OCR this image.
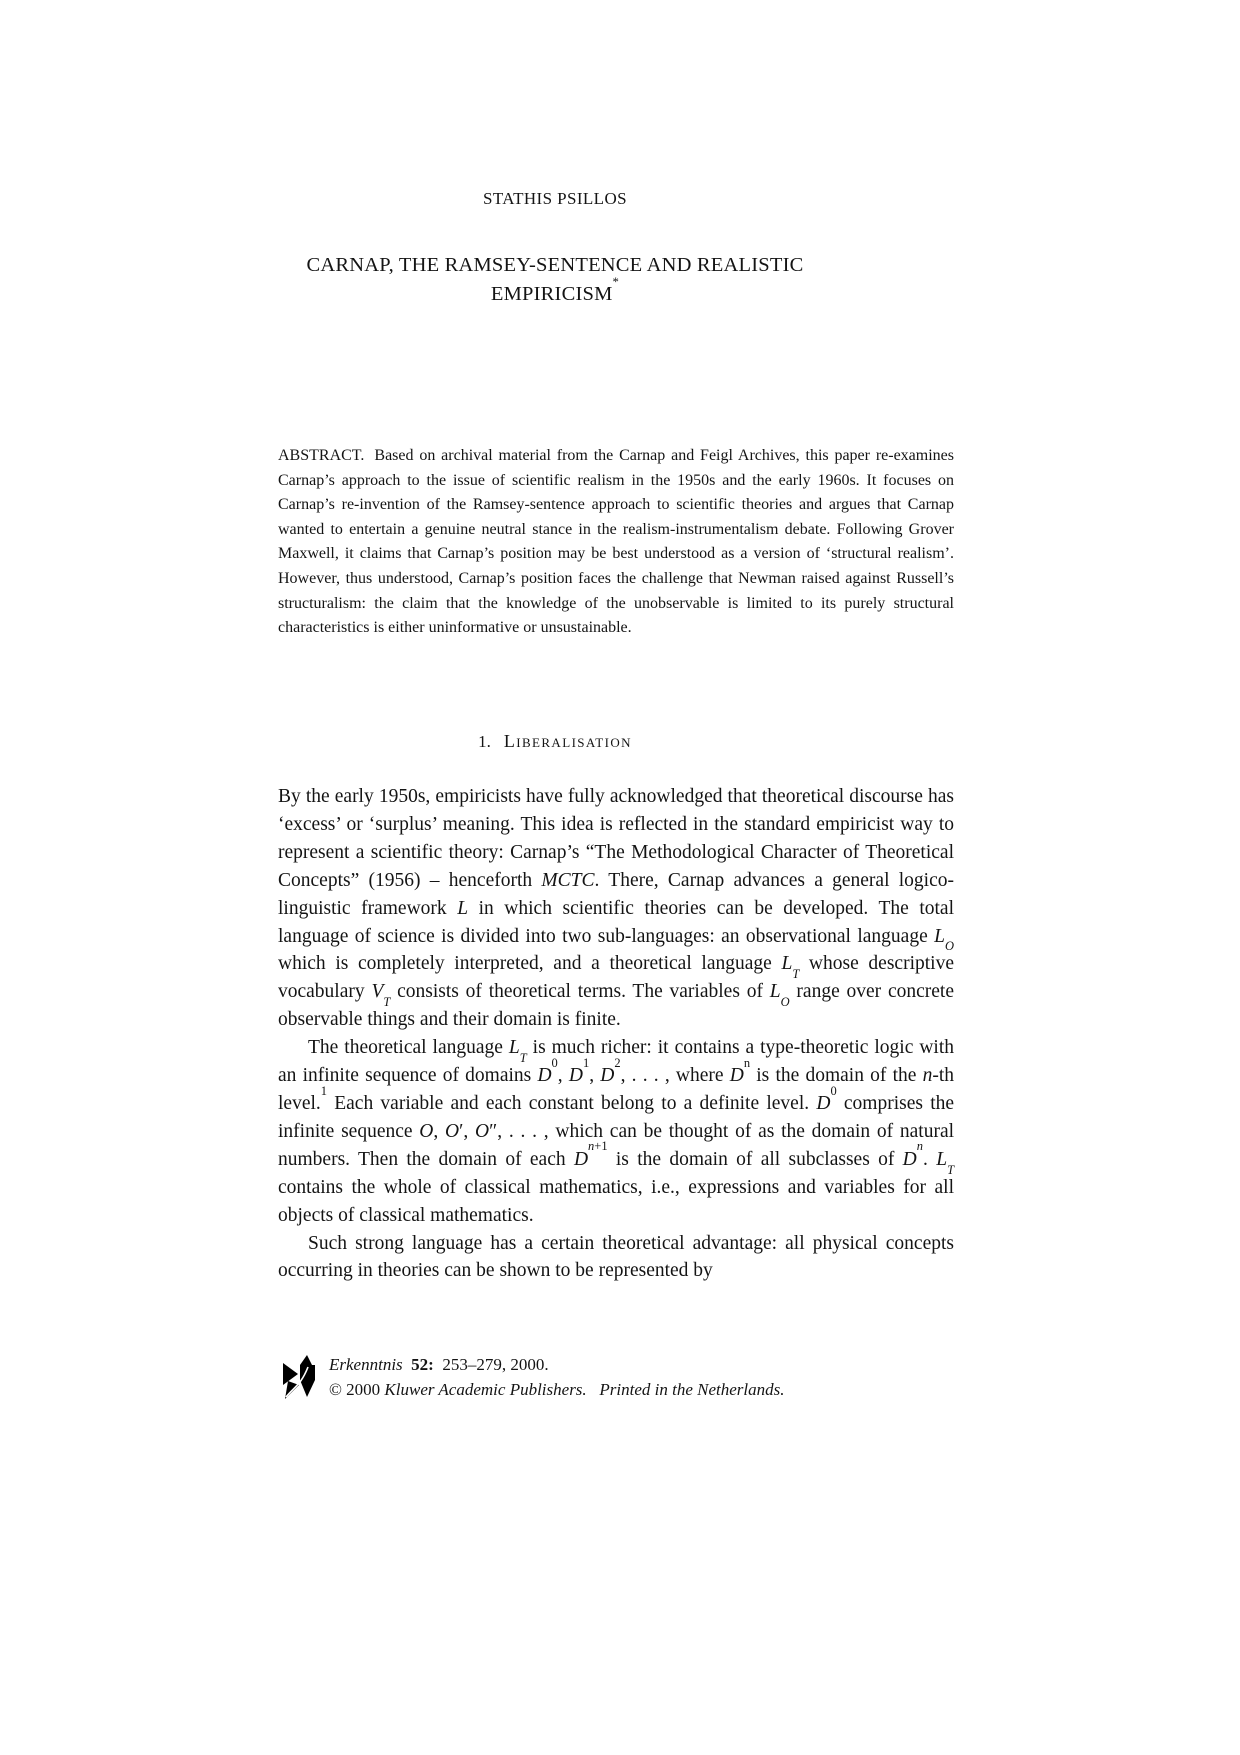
STATHIS PSILLOS
CARNAP, THE RAMSEY-SENTENCE AND REALISTIC
EMPIRICISM*
ABSTRACT. Based on archival material from the Carnap and Feigl Archives, this paper re-examines Carnap’s approach to the issue of scientific realism in the 1950s and the early 1960s. It focuses on Carnap’s re-invention of the Ramsey-sentence approach to scientific theories and argues that Carnap wanted to entertain a genuine neutral stance in the realism-instrumentalism debate. Following Grover Maxwell, it claims that Carnap’s position may be best understood as a version of ‘structural realism’. However, thus understood, Carnap’s position faces the challenge that Newman raised against Russell’s structuralism: the claim that the knowledge of the unobservable is limited to its purely structural characteristics is either uninformative or unsustainable.
1. Liberalisation

By the early 1950s, empiricists have fully acknowledged that theoretical discourse has ‘excess’ or ‘surplus’ meaning. This idea is reflected in the standard empiricist way to represent a scientific theory: Carnap’s “The Methodological Character of Theoretical Concepts” (1956) – henceforth MCTC. There, Carnap advances a general logico-linguistic framework L in which scientific theories can be developed. The total language of science is divided into two sub-languages: an observational language $L_O$ which is completely interpreted, and a theoretical language $L_T$ whose descriptive vocabulary $V_T$ consists of theoretical terms. The variables of $L_O$ range over concrete observable things and their domain is finite.

The theoretical language $L_T$ is much richer: it contains a type-theoretic logic with an infinite sequence of domains $D^0$, $D^1$, $D^2$, . . . , where $D^n$ is the domain of the n-th level.$^1$ Each variable and each constant belong to a definite level. $D^0$ comprises the infinite sequence O, O′, O″, . . . , which can be thought of as the domain of natural numbers. Then the domain of each $D^{n+1}$ is the domain of all subclasses of $D^n$. $L_T$ contains the whole of classical mathematics, i.e., expressions and variables for all objects of classical mathematics.

Such strong language has a certain theoretical advantage: all physical concepts occurring in theories can be shown to be represented by

Erkenntnis  52: 253–279, 2000.
© 2000 Kluwer Academic Publishers.  Printed in the Netherlands.
